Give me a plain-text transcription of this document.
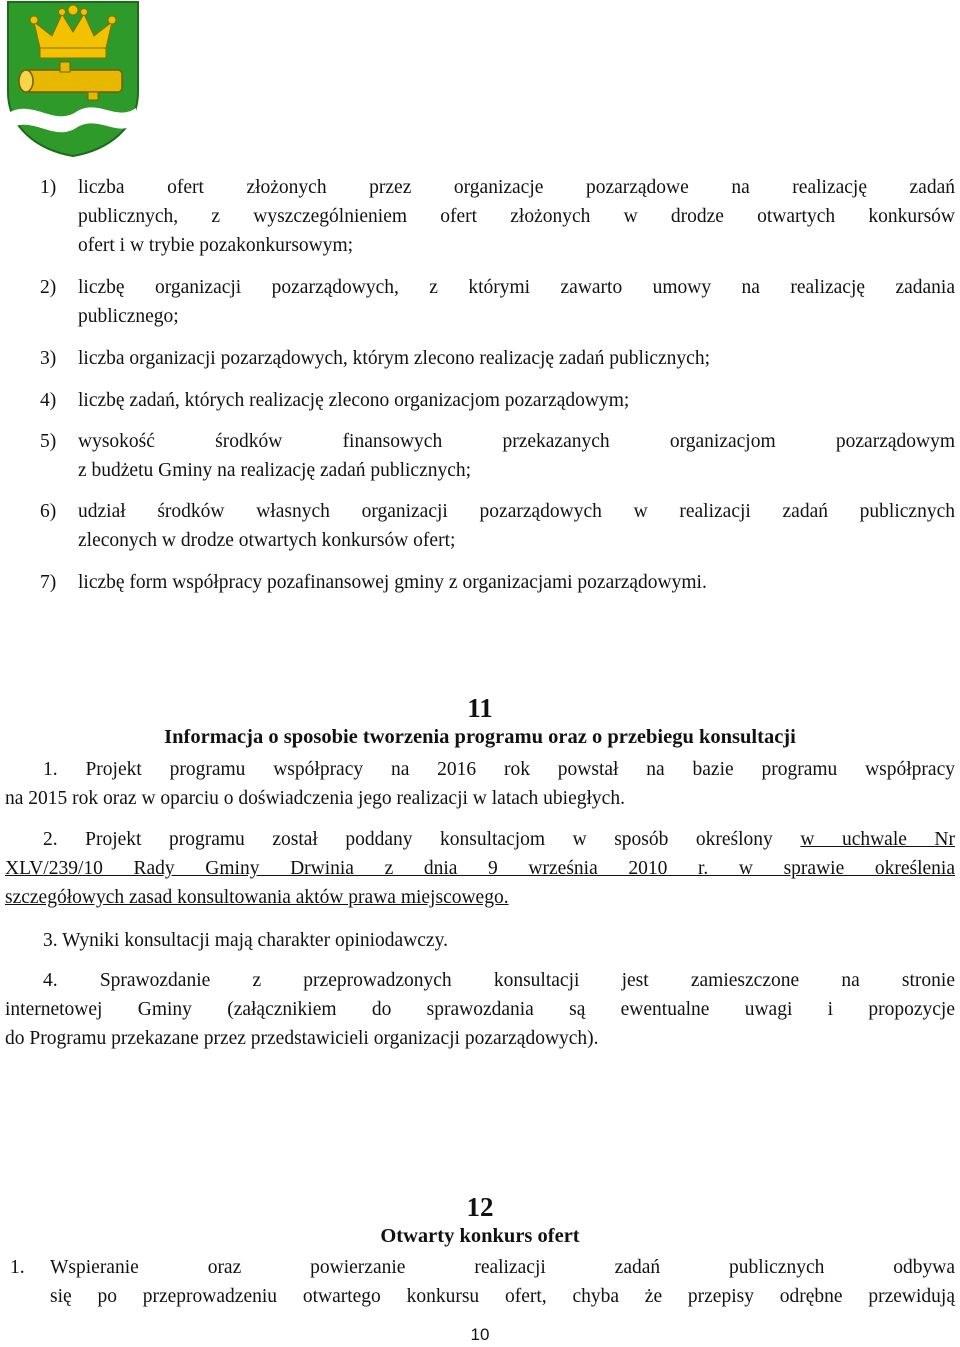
1) liczba ofert złożonych przez organizacje pozarządowe na realizację zadań
publicznych, z wyszczególnieniem ofert złożonych w drodze otwartych konkursów
ofert i w trybie pozakonkursowym;
2) liczbę organizacji pozarządowych, z którymi zawarto umowy na realizację zadania
publicznego;
3) liczba organizacji pozarządowych, którym zlecono realizację zadań publicznych;
4) liczbę zadań, których realizację zlecono organizacjom pozarządowym;
5) wysokość środków finansowych przekazanych organizacjom pozarządowym
z budżetu Gminy na realizację zadań publicznych;
6) udział środków własnych organizacji pozarządowych w realizacji zadań publicznych
zleconych w drodze otwartych konkursów ofert;
7) liczbę form współpracy pozafinansowej gminy z organizacjami pozarządowymi.
11
Informacja o sposobie tworzenia programu oraz o przebiegu konsultacji
1. Projekt programu współpracy na 2016 rok powstał na bazie programu współpracy
na 2015 rok oraz w oparciu o doświadczenia jego realizacji w latach ubiegłych.
2. Projekt programu został poddany konsultacjom w sposób określony w uchwale Nr
XLV/239/10 Rady Gminy Drwinia z dnia 9 września 2010 r. w sprawie określenia
szczegółowych zasad konsultowania aktów prawa miejscowego.
3. Wyniki konsultacji mają charakter opiniodawczy.
4. Sprawozdanie z przeprowadzonych konsultacji jest zamieszczone na stronie
internetowej Gminy (załącznikiem do sprawozdania są ewentualne uwagi i propozycje
do Programu przekazane przez przedstawicieli organizacji pozarządowych).
12
Otwarty konkurs ofert
1. Wspieranie oraz powierzanie realizacji zadań publicznych odbywa
się po przeprowadzeniu otwartego konkursu ofert, chyba że przepisy odrębne przewidują
10
